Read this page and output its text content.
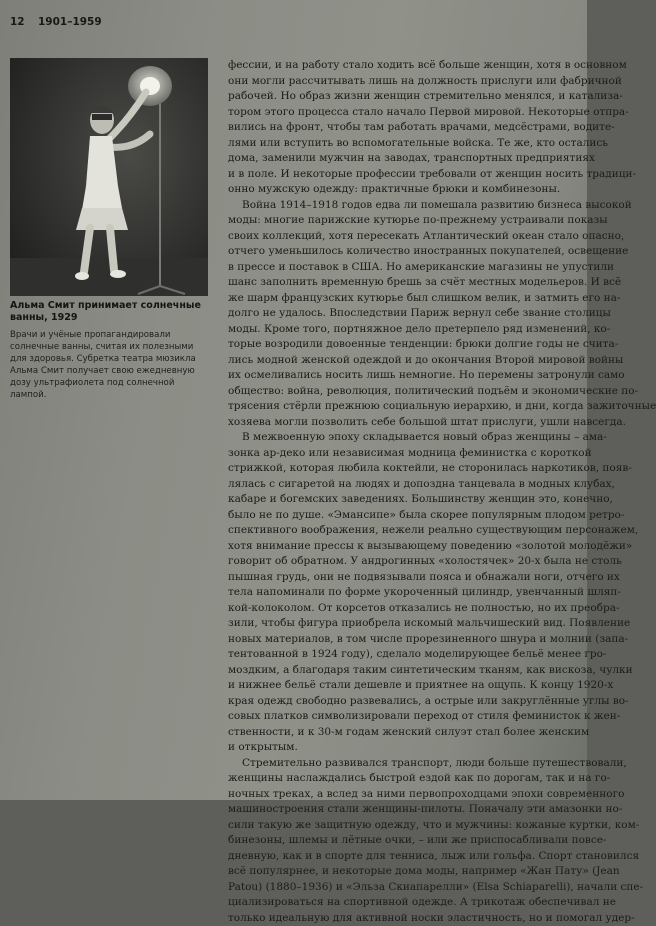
12 1901–1959
Альма Смит принимает солнечные ванны, 1929
Врачи и учёные пропагандировали солнечные ванны, считая их полезными для здоровья. Субретка театра мюзикла Альма Смит получает свою ежедневную дозу ультрафиолета под солнечной лампой.
фессии, и на работу стало ходить всё больше женщин, хотя в основном
они могли рассчитывать лишь на должность прислуги или фабричной
рабочей. Но образ жизни женщин стремительно менялся, и катализа-
тором этого процесса стало начало Первой мировой. Некоторые отпра-
вились на фронт, чтобы там работать врачами, медсёстрами, водите-
лями или вступить во вспомогательные войска. Те же, кто остались
дома, заменили мужчин на заводах, транспортных предприятиях
и в поле. И некоторые профессии требовали от женщин носить традици-
онно мужскую одежду: практичные брюки и комбинезоны.
Война 1914–1918 годов едва ли помешала развитию бизнеса высокой
моды: многие парижские кутюрье по-прежнему устраивали показы
своих коллекций, хотя пересекать Атлантический океан стало опасно,
отчего уменьшилось количество иностранных покупателей, освещение
в прессе и поставок в США. Но американские магазины не упустили
шанс заполнить временную брешь за счёт местных модельеров. И всё
же шарм французских кутюрье был слишком велик, и затмить его на-
долго не удалось. Впоследствии Париж вернул себе звание столицы
моды. Кроме того, портняжное дело претерпело ряд изменений, ко-
торые возродили довоенные тенденции: брюки долгие годы не счита-
лись модной женской одеждой и до окончания Второй мировой войны
их осмеливались носить лишь немногие. Но перемены затронули само
общество: война, революция, политический подъём и экономические по-
трясения стёрли прежнюю социальную иерархию, и дни, когда зажиточные
хозяева могли позволить себе большой штат прислуги, ушли навсегда.
В межвоенную эпоху складывается новый образ женщины – ама-
зонка ар-деко или независимая модница феминистка с короткой
стрижкой, которая любила коктейли, не сторонилась наркотиков, появ-
лялась с сигаретой на людях и допоздна танцевала в модных клубах,
кабаре и богемских заведениях. Большинству женщин это, конечно,
было не по душе. «Эмансипе» была скорее популярным плодом ретро-
спективного воображения, нежели реально существующим персонажем,
хотя внимание прессы к вызывающему поведению «золотой молодёжи»
говорит об обратном. У андрогинных «холостячек» 20-х была не столь
пышная грудь, они не подвязывали пояса и обнажали ноги, отчего их
тела напоминали по форме укороченный цилиндр, увенчанный шляп-
кой-колоколом. От корсетов отказались не полностью, но их преобра-
зили, чтобы фигура приобрела искомый мальчишеский вид. Появление
новых материалов, в том числе прорезиненного шнура и молнии (запа-
тентованной в 1924 году), сделало моделирующее бельё менее гро-
моздким, а благодаря таким синтетическим тканям, как вискоза, чулки
и нижнее бельё стали дешевле и приятнее на ощупь. К концу 1920-х
края одежд свободно развевались, а острые или закруглённые углы во-
совых платков символизировали переход от стиля феминисток к жен-
ственности, и к 30-м годам женский силуэт стал более женским
и открытым.
Стремительно развивался транспорт, люди больше путешествовали,
женщины наслаждались быстрой ездой как по дорогам, так и на го-
ночных треках, а вслед за ними первопроходцами эпохи современного
машиностроения стали женщины-пилоты. Поначалу эти амазонки но-
сили такую же защитную одежду, что и мужчины: кожаные куртки, ком-
бинезоны, шлемы и лётные очки, – или же приспосабливали повсе-
дневную, как и в спорте для тенниса, лыж или гольфа. Спорт становился
всё популярнее, и некоторые дома моды, например «Жан Пату» (Jean
Patou) (1880–1936) и «Эльза Скиапарелли» (Elsa Schiaparelli), начали спе-
циализироваться на спортивной одежде. А трикотаж обеспечивал не
только идеальную для активной носки эластичность, но и помогал удер-
